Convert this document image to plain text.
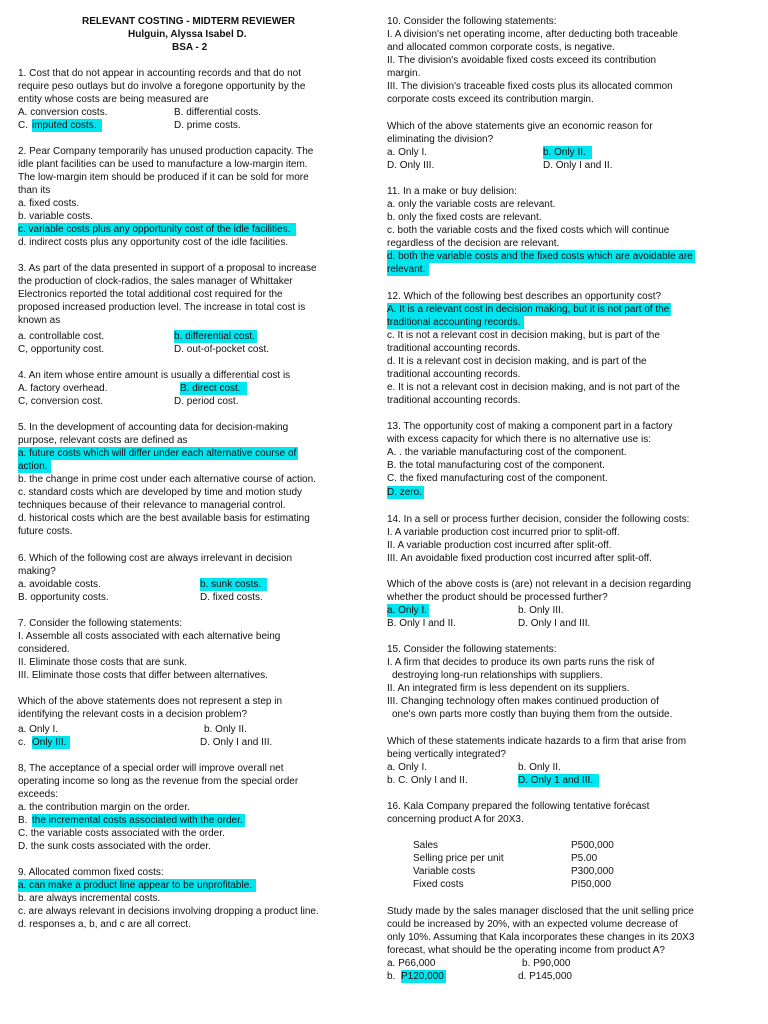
RELEVANT COSTING - MIDTERM REVIEWER
Hulguin, Alyssa Isabel D.
BSA - 2
1. Cost that do not appear in accounting records and that do not
require peso outlays but do involve a foregone opportunity by the
entity whose costs are being measured are
A. conversion costs.	B. differential costs.
C. imputed costs.	D. prime costs.
2. Pear Company temporarily has unused production capacity. The
idle plant facilities can be used to manufacture a low-margin item.
The low-margin item should be produced if it can be sold for more
than its
a. fixed costs.
b. variable costs.
c. variable costs plus any opportunity cost of the idle facilities.
d. indirect costs plus any opportunity cost of the idle facilities.
3. As part of the data presented in support of a proposal to increase
the production of clock-radios, the sales manager of Whittaker
Electronics reported the total additional cost required for the
proposed increased production level. The increase in total cost is
known as
a. controllable cost.	b. differential cost.
C, opportunity cost.	D. out-of-pocket cost.
4. An item whose entire amount is usually a differential cost is
A. factory overhead.	B. direct cost.
C, conversion cost.	D. period cost.
5. In the development of accounting data for decision-making
purpose, relevant costs are defined as
a. future costs which will differ under each alternative course of
action.
b. the change in prime cost under each alternative course of action.
c. standard costs which are developed by time and motion study
techniques because of their relevance to managerial control.
d. historical costs which are the best available basis for estimating
future costs.
6. Which of the following cost are always irrelevant in decision
making?
a. avoidable costs.	b. sunk costs.
B. opportunity costs.	D. fixed costs.
7. Consider the following statements:
I. Assemble all costs associated with each alternative being
considered.
II. Eliminate those costs that are sunk.
III. Eliminate those costs that differ between alternatives.
Which of the above statements does not represent a step in
identifying the relevant costs in a decision problem?
a. Only I.	b. Only II.
c. Only III.	D. Only I and III.
8, The acceptance of a special order will improve overall net
operating income so long as the revenue from the special order
exceeds:
a. the contribution margin on the order.
B. the incremental costs associated with the order.
C. the variable costs associated with the order.
D. the sunk costs associated with the order.
9. Allocated common fixed costs:
a. can make a product line appear to be unprofitable.
b. are always incremental costs.
c. are always relevant in decisions involving dropping a product line.
d. responses a, b, and c are all correct.
10. Consider the following statements:
I. A division's net operating income, after deducting both traceable
and allocated common corporate costs, is negative.
II. The division's avoidable fixed costs exceed its contribution
margin.
III. The division's traceable fixed costs plus its allocated common
corporate costs exceed its contribution margin.
Which of the above statements give an economic reason for
eliminating the division?
a. Only I.	b. Only II.
D. Only III.	D. Only I and II.
11. In a make or buy delision:
a. only the variable costs are relevant.
b. only the fixed costs are relevant.
c. both the variable costs and the fixed costs which will continue
regardless of the decision are relevant.
d. both the variable costs and the fixed costs which are avoidable are
relevant.
12. Which of the following best describes an opportunity cost?
A. It is a relevant cost in decision making, but it is not part of the
traditional accounting records.
c. It is not a relevant cost in decision making, but is part of the
traditional accounting records.
d. It is a relevant cost in decision making, and is part of the
traditional accounting records.
e. It is not a relevant cost in decision making, and is not part of the
traditional accounting records.
13. The opportunity cost of making a component part in a factory
with excess capacity for which there is no alternative use is:
A. . the variable manufacturing cost of the component.
B. the total manufacturing cost of the component.
C. the fixed manufacturing cost of the component.
D. zero.
14. In a sell or process further decision, consider the following costs:
I. A variable production cost incurred prior to split-off.
II. A variable production cost incurred after split-off.
III. An avoidable fixed production cost incurred after split-off.
Which of the above costs is (are) not relevant in a decision regarding
whether the product should be processed further?
a. Only I.	b. Only III.
B. Only I and II.	D. Only I and III.
15. Consider the following statements:
I. A firm that decides to produce its own parts runs the risk of
destroying long-run relationships with suppliers.
II. An integrated firm is less dependent on its suppliers.
III. Changing technology often makes continued production of
one's own parts more costly than buying them from the outside.
Which of these statements indicate hazards to a firm that arise from
being vertically integrated?
a. Only I.	b. Only II.
b. C. Only I and II.	D. Only 1 and III.
16. Kala Company prepared the following tentative forécast
concerning product A for 20X3.
Sales	P500,000
Selling price per unit	P5.00
Variable costs	P300,000
Fixed costs	PI50,000
Study made by the sales manager disclosed that the unit selling price
could be increased by 20%, with an expected volume decrease of
only 10%. Assuming that Kala incorporates these changes in its 20X3
forecast, what should be the operating income from product A?
a. P66,000	b. P90,000
b. P120,000	d. P145,000
